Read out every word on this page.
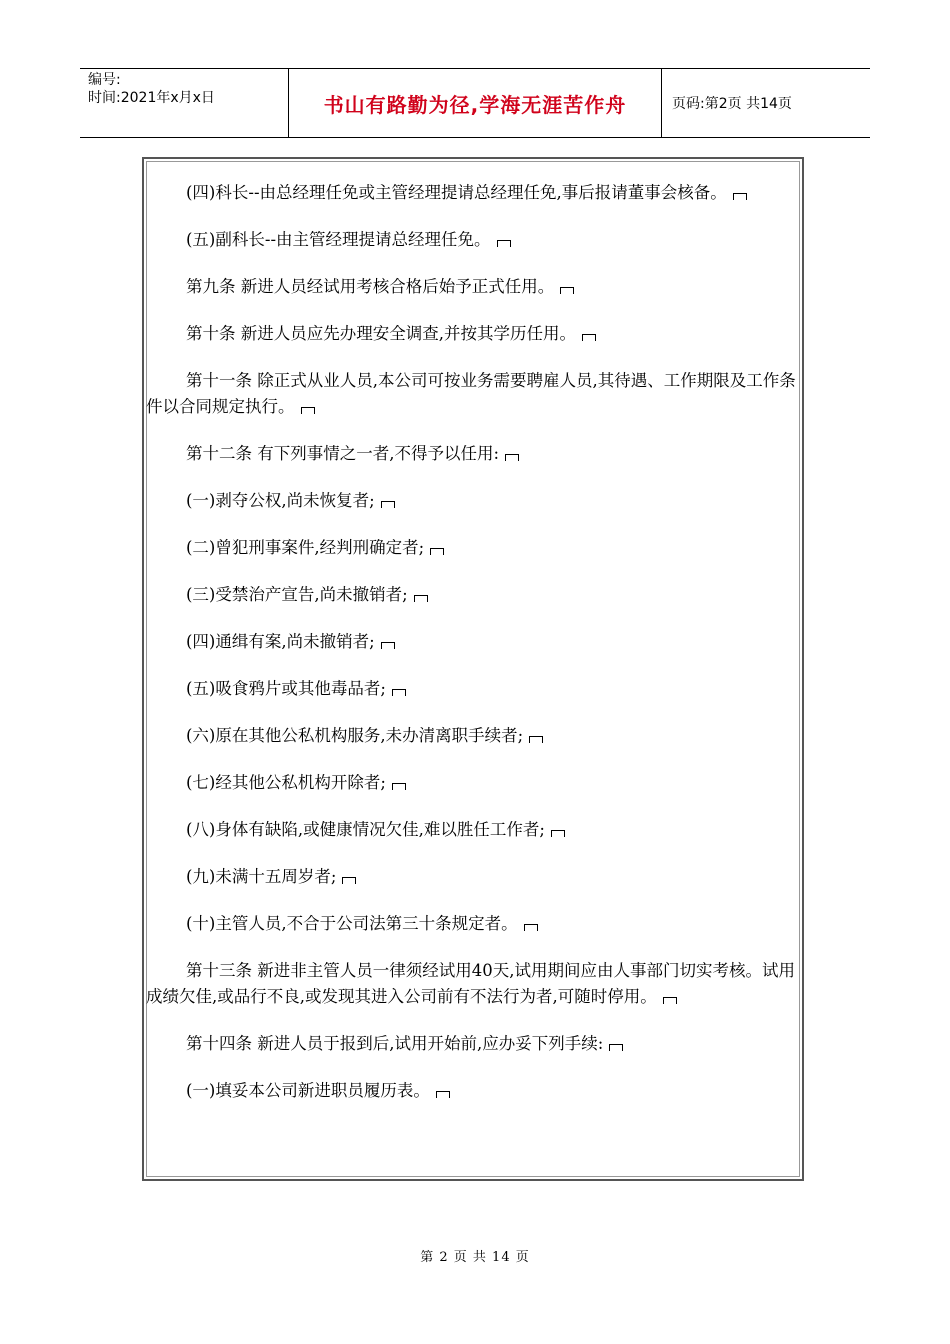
编号:
时间:2021年x月x日	书山有路勤为径,学海无涯苦作舟	页码:第2页 共14页

(四)科长--由总经理任免或主管经理提请总经理任免,事后报请董事会核备。

(五)副科长--由主管经理提请总经理任免。

第九条 新进人员经试用考核合格后始予正式任用。

第十条 新进人员应先办理安全调查,并按其学历任用。

第十一条 除正式从业人员,本公司可按业务需要聘雇人员,其待遇、工作期限及工作条件以合同规定执行。

第十二条 有下列事情之一者,不得予以任用:

(一)剥夺公权,尚未恢复者;

(二)曾犯刑事案件,经判刑确定者;

(三)受禁治产宣告,尚未撤销者;

(四)通缉有案,尚未撤销者;

(五)吸食鸦片或其他毒品者;

(六)原在其他公私机构服务,未办清离职手续者;

(七)经其他公私机构开除者;

(八)身体有缺陷,或健康情况欠佳,难以胜任工作者;

(九)未满十五周岁者;

(十)主管人员,不合于公司法第三十条规定者。

第十三条 新进非主管人员一律须经试用40天,试用期间应由人事部门切实考核。试用成绩欠佳,或品行不良,或发现其进入公司前有不法行为者,可随时停用。

第十四条 新进人员于报到后,试用开始前,应办妥下列手续:

(一)填妥本公司新进职员履历表。

第 2 页 共 14 页
